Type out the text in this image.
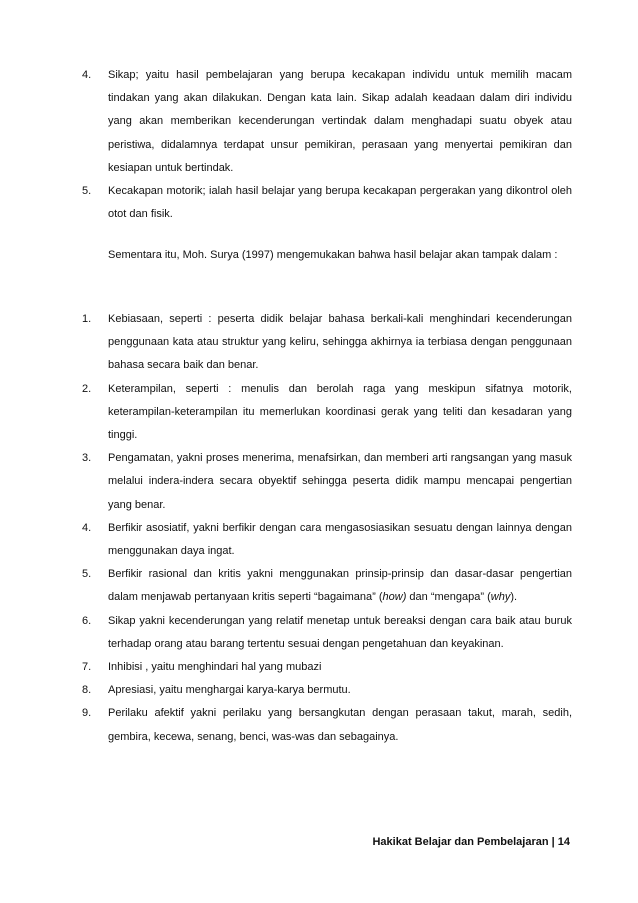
4. Sikap; yaitu hasil pembelajaran yang berupa kecakapan individu untuk memilih macam tindakan yang akan dilakukan. Dengan kata lain. Sikap adalah keadaan dalam diri individu yang akan memberikan kecenderungan vertindak dalam menghadapi suatu obyek atau peristiwa, didalamnya terdapat unsur pemikiran, perasaan yang menyertai pemikiran dan kesiapan untuk bertindak.
5. Kecakapan motorik; ialah hasil belajar yang berupa kecakapan pergerakan yang dikontrol oleh otot dan fisik.
Sementara itu, Moh. Surya (1997) mengemukakan bahwa hasil belajar akan tampak dalam :
1. Kebiasaan, seperti : peserta didik belajar bahasa berkali-kali menghindari kecenderungan penggunaan kata atau struktur yang keliru, sehingga akhirnya ia terbiasa dengan penggunaan bahasa secara baik dan benar.
2. Keterampilan, seperti : menulis dan berolah raga yang meskipun sifatnya motorik, keterampilan-keterampilan itu memerlukan koordinasi gerak yang teliti dan kesadaran yang tinggi.
3. Pengamatan, yakni proses menerima, menafsirkan, dan memberi arti rangsangan yang masuk melalui indera-indera secara obyektif sehingga peserta didik mampu mencapai pengertian yang benar.
4. Berfikir asosiatif, yakni berfikir dengan cara mengasosiasikan sesuatu dengan lainnya dengan menggunakan daya ingat.
5. Berfikir rasional dan kritis yakni menggunakan prinsip-prinsip dan dasar-dasar pengertian dalam menjawab pertanyaan kritis seperti “bagaimana” (how) dan “mengapa” (why).
6. Sikap yakni kecenderungan yang relatif menetap untuk bereaksi dengan cara baik atau buruk terhadap orang atau barang tertentu sesuai dengan pengetahuan dan keyakinan.
7. Inhibisi , yaitu menghindari hal yang mubazi
8. Apresiasi, yaitu menghargai karya-karya bermutu.
9. Perilaku afektif yakni perilaku yang bersangkutan dengan perasaan takut, marah, sedih, gembira, kecewa, senang, benci, was-was dan sebagainya.
Hakikat Belajar dan Pembelajaran | 14
